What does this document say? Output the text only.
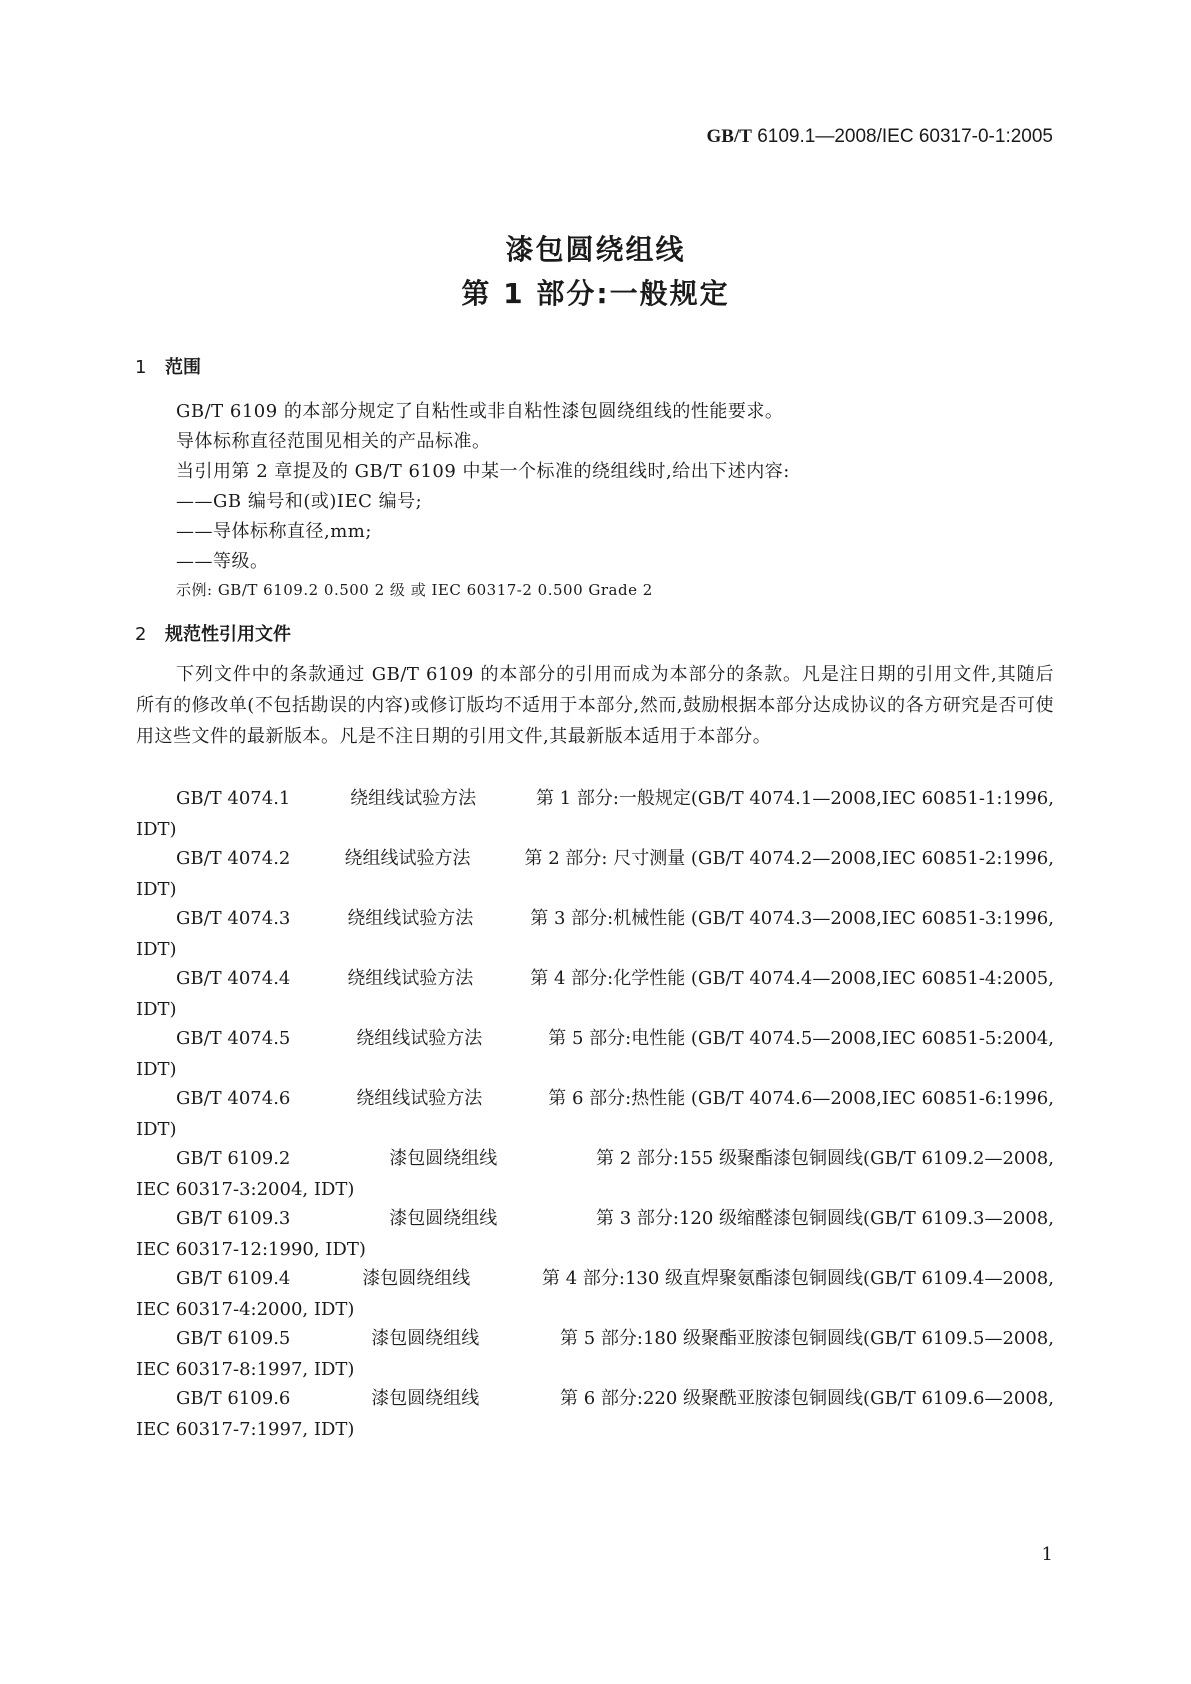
GB/T 6109.1—2008/IEC 60317-0-1:2005
漆包圆绕组线
第 1 部分:一般规定
1 范围
GB/T 6109 的本部分规定了自粘性或非自粘性漆包圆绕组线的性能要求。
导体标称直径范围见相关的产品标准。
当引用第 2 章提及的 GB/T 6109 中某一个标准的绕组线时,给出下述内容:
——GB 编号和(或)IEC 编号;
——导体标称直径,mm;
——等级。
示例: GB/T 6109.2 0.500 2 级 或 IEC 60317-2 0.500 Grade 2
2 规范性引用文件
下列文件中的条款通过 GB/T 6109 的本部分的引用而成为本部分的条款。凡是注日期的引用文件,其随后所有的修改单(不包括勘误的内容)或修订版均不适用于本部分,然而,鼓励根据本部分达成协议的各方研究是否可使用这些文件的最新版本。凡是不注日期的引用文件,其最新版本适用于本部分。
GB/T 4074.1	绕组线试验方法	第 1 部分:一般规定(GB/T 4074.1—2008,IEC 60851-1:1996,
IDT)
GB/T 4074.2	绕组线试验方法	第 2 部分: 尺寸测量 (GB/T 4074.2—2008,IEC 60851-2:1996,
IDT)
GB/T 4074.3	绕组线试验方法	第 3 部分:机械性能 (GB/T 4074.3—2008,IEC 60851-3:1996,
IDT)
GB/T 4074.4	绕组线试验方法	第 4 部分:化学性能 (GB/T 4074.4—2008,IEC 60851-4:2005,
IDT)
GB/T 4074.5	绕组线试验方法	第 5 部分:电性能 (GB/T 4074.5—2008,IEC 60851-5:2004,
IDT)
GB/T 4074.6	绕组线试验方法	第 6 部分:热性能 (GB/T 4074.6—2008,IEC 60851-6:1996,
IDT)
GB/T 6109.2	漆包圆绕组线	第 2 部分:155 级聚酯漆包铜圆线(GB/T 6109.2—2008,
IEC 60317-3:2004, IDT)
GB/T 6109.3	漆包圆绕组线	第 3 部分:120 级缩醛漆包铜圆线(GB/T 6109.3—2008,
IEC 60317-12:1990, IDT)
GB/T 6109.4	漆包圆绕组线	第 4 部分:130 级直焊聚氨酯漆包铜圆线(GB/T 6109.4—2008,
IEC 60317-4:2000, IDT)
GB/T 6109.5	漆包圆绕组线	第 5 部分:180 级聚酯亚胺漆包铜圆线(GB/T 6109.5—2008,
IEC 60317-8:1997, IDT)
GB/T 6109.6	漆包圆绕组线	第 6 部分:220 级聚酰亚胺漆包铜圆线(GB/T 6109.6—2008,
IEC 60317-7:1997, IDT)
1
